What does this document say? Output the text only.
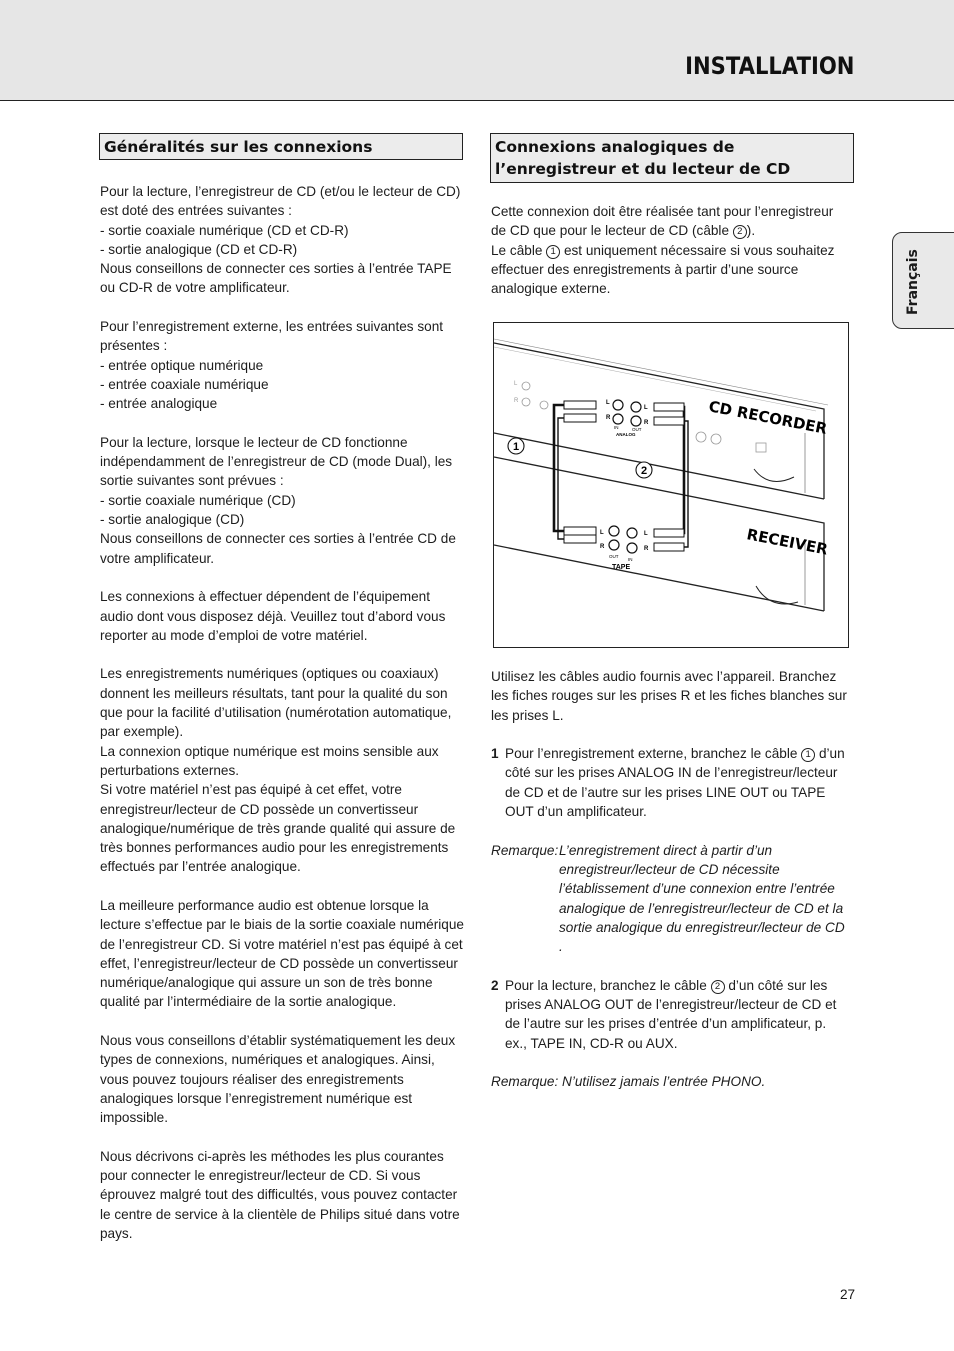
INSTALLATION
Français
Généralités sur les connexions	Connexions analogiques de l’enregistreur et du lecteur de CD

Pour la lecture, l’enregistreur de CD (et/ou le lecteur de CD) est doté des entrées suivantes :
- sortie coaxiale numérique (CD et CD-R)
- sortie analogique (CD et CD-R)
Nous conseillons de connecter ces sorties à l’entrée TAPE ou CD-R de votre amplificateur.

Pour l’enregistrement externe, les entrées suivantes sont présentes :
- entrée optique numérique
- entrée coaxiale numérique
- entrée analogique

Pour la lecture, lorsque le lecteur de CD fonctionne indépendamment de l’enregistreur de CD (mode Dual), les sortie suivantes sont prévues :
- sortie coaxiale numérique (CD)
- sortie analogique (CD)
Nous conseillons de connecter ces sorties à l’entrée CD de votre amplificateur.

Les connexions à effectuer dépendent de l’équipement audio dont vous disposez déjà. Veuillez tout d’abord vous reporter au mode d’emploi de votre matériel.

Les enregistrements numériques (optiques ou coaxiaux) donnent les meilleurs résultats, tant pour la qualité du son que pour la facilité d’utilisation (numérotation automatique, par exemple).
La connexion optique numérique est moins sensible aux perturbations externes.
Si votre matériel n’est pas équipé à cet effet, votre enregistreur/lecteur de CD possède un convertisseur analogique/numérique de très grande qualité qui assure de très bonnes performances audio pour les enregistrements effectués par l’entrée analogique.

La meilleure performance audio est obtenue lorsque la lecture s’effectue par le biais de la sortie coaxiale numérique de l’enregistreur CD. Si votre matériel n’est pas équipé à cet effet, l’enregistreur/lecteur de CD possède un convertisseur numérique/analogique qui assure un son de très bonne qualité par l’intermédiaire de la sortie analogique.

Nous vous conseillons d’établir systématiquement les deux types de connexions, numériques et analogiques. Ainsi, vous pouvez toujours réaliser des enregistrements analogiques lorsque l’enregistrement numérique est impossible.

Nous décrivons ci-après les méthodes les plus courantes pour connecter le enregistreur/lecteur de CD. Si vous éprouvez malgré tout des difficultés, vous pouvez contacter le centre de service à la clientèle de Philips situé dans votre pays.

Cette connexion doit être réalisée tant pour l’enregistreur de CD que pour le lecteur de CD (câble 2 ).

Le câble 1 est uniquement nécessaire si vous souhaitez effectuer des enregistrements à partir d’une source analogique externe.

L
R	L
R
L
R
IN	OUT
ANALOG
L
R
L
R
OUT
IN
TAPE
CD RECORDER
RECEIVER
1
2

Utilisez les câbles audio fournis avec l’appareil. Branchez les fiches rouges sur les prises R et les fiches blanches sur les prises L.

1 Pour l’enregistrement externe, branchez le câble 1 d’un côté sur les prises ANALOG IN de l’enregistreur/lecteur de CD et de l’autre sur les prises LINE OUT ou TAPE OUT d’un amplificateur.

Remarque: L’enregistrement direct à partir d’un enregistreur/lecteur de CD nécessite l’établissement d’une connexion entre l’entrée analogique de l’enregistreur/lecteur de CD et la sortie analogique du enregistreur/lecteur de CD .

2 Pour la lecture, branchez le câble 2 d’un côté sur les prises ANALOG OUT de l’enregistreur/lecteur de CD et de l’autre sur les prises d’entrée d’un amplificateur, p. ex., TAPE IN, CD-R ou AUX.

Remarque: N’utilisez jamais l’entrée PHONO.

27
